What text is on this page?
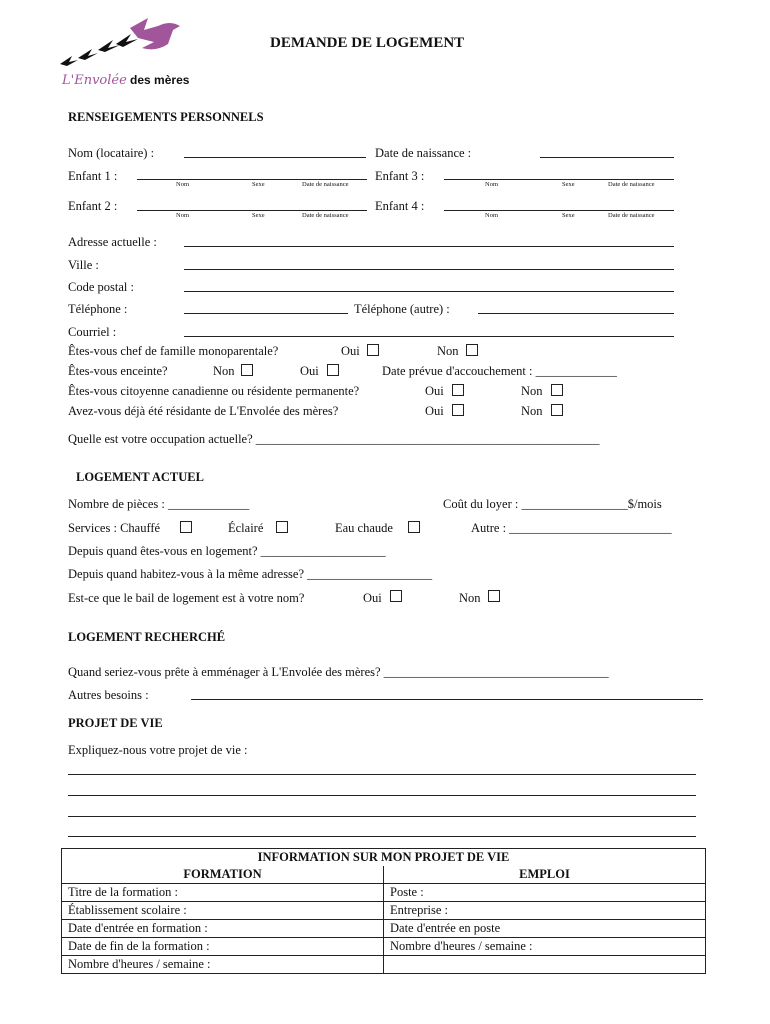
L'Envolée des mères
DEMANDE DE LOGEMENT
RENSEIGEMENTS PERSONNELS
Nom (locataire) :	Date de naissance :
Enfant 1 :
Nom	Sexe	Date de naissance
Enfant 3 :
Nom	Sexe	Date de naissance
Enfant 2 :
Nom	Sexe	Date de naissance
Enfant 4 :
Nom	Sexe	Date de naissance
Adresse actuelle :
Ville :
Code postal :
Téléphone :	Téléphone (autre) :
Courriel :
Êtes-vous chef de famille monoparentale?	Oui	Non
Êtes-vous enceinte?	Non	Oui	Date prévue d'accouchement : _____________
Êtes-vous citoyenne canadienne ou résidente permanente?	Oui	Non
Avez-vous déjà été résidante de L'Envolée des mères?	Oui	Non
Quelle est votre occupation actuelle? _______________________________________________________
LOGEMENT ACTUEL
Nombre de pièces : _____________	Coût du loyer : _________________$/mois
Services : Chauffé	Éclairé	Eau chaude	Autre : __________________________
Depuis quand êtes-vous en logement? ____________________
Depuis quand habitez-vous à la même adresse? ____________________
Est-ce que le bail de logement est à votre nom?	Oui	Non
LOGEMENT RECHERCHÉ
Quand seriez-vous prête à emménager à L'Envolée des mères? ____________________________________
Autres besoins :
PROJET DE VIE
Expliquez-nous votre projet de vie :
INFORMATION SUR MON PROJET DE VIE	
FORMATION	EMPLOI
Titre de la formation :	Poste :
Établissement scolaire :	Entreprise :
Date d'entrée en formation :	Date d'entrée en poste
Date de fin de la formation :	Nombre d'heures / semaine :
Nombre d'heures / semaine :	
